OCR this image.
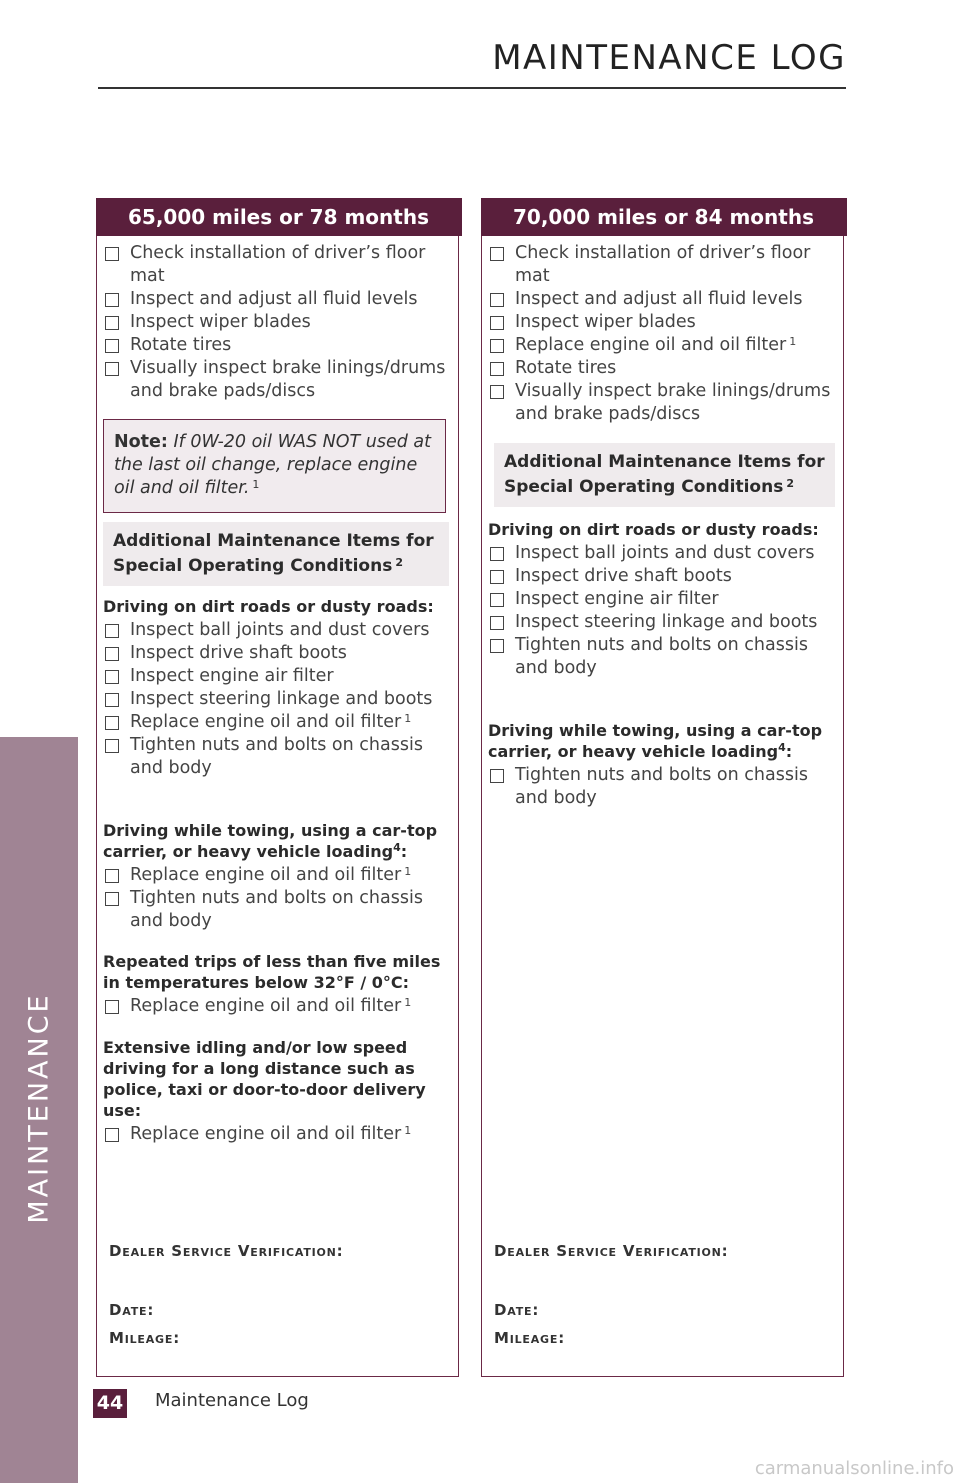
MAINTENANCE LOG
MAINTENANCE
65,000 miles or 78 months
Check installation of driver’s floor mat
Inspect and adjust all fluid levels
Inspect wiper blades
Rotate tires
Visually inspect brake linings/drums and brake pads/discs
Note: If 0W-20 oil WAS NOT used at the last oil change, replace engine oil and oil filter. $^1$
Additional Maintenance Items for Special Operating Conditions $^2$
Driving on dirt roads or dusty roads:
Inspect ball joints and dust covers
Inspect drive shaft boots
Inspect engine air filter
Inspect steering linkage and boots
Replace engine oil and oil filter $^1$
Tighten nuts and bolts on chassis and body
Driving while towing, using a car-top carrier, or heavy vehicle loading$^4$:
Replace engine oil and oil filter $^1$
Tighten nuts and bolts on chassis and body
Repeated trips of less than five miles in temperatures below 32°F / 0°C:
Replace engine oil and oil filter $^1$
Extensive idling and/or low speed driving for a long distance such as police, taxi or door-to-door delivery use:
Replace engine oil and oil filter $^1$
Dealer Service Verification:
Date:
Mileage:
70,000 miles or 84 months
Check installation of driver’s floor mat
Inspect and adjust all fluid levels
Inspect wiper blades
Replace engine oil and oil filter $^1$
Rotate tires
Visually inspect brake linings/drums and brake pads/discs
Additional Maintenance Items for Special Operating Conditions $^2$
Driving on dirt roads or dusty roads:
Inspect ball joints and dust covers
Inspect drive shaft boots
Inspect engine air filter
Inspect steering linkage and boots
Tighten nuts and bolts on chassis and body
Driving while towing, using a car-top carrier, or heavy vehicle loading$^4$:
Tighten nuts and bolts on chassis and body
Dealer Service Verification:
Date:
Mileage:
44 Maintenance Log
carmanualsonline.info
